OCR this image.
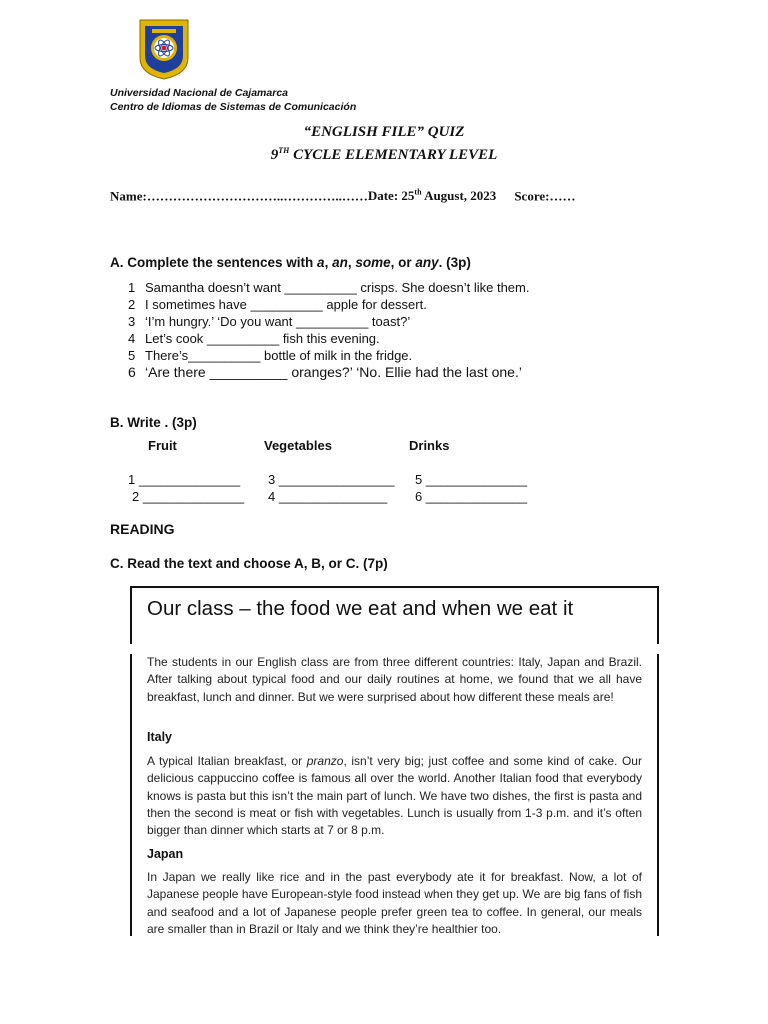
Universidad Nacional de Cajamarca
Centro de Idiomas de Sistemas de Comunicación
“ENGLISH FILE” QUIZ
9TH CYCLE ELEMENTARY LEVEL
Name:…………………………..…………..……Date: 25th August, 2023 Score:……
A. Complete the sentences with a, an, some, or any. (3p)
1 Samantha doesn’t want __________ crisps. She doesn’t like them.
2 I sometimes have __________ apple for dessert.
3 ‘I’m hungry.’ ‘Do you want __________ toast?’
4 Let’s cook __________ fish this evening.
5 There’s__________ bottle of milk in the fridge.
6 ‘Are there __________ oranges?’ ‘No. Ellie had the last one.’
B. Write . (3p)
Fruit	Vegetables	Drinks
1 ______________ 3 ________________ 5 ______________
2 ______________ 4 _______________ 6 ______________
READING
C. Read the text and choose A, B, or C. (7p)
Our class – the food we eat and when we eat it
The students in our English class are from three different countries: Italy, Japan and Brazil. After talking about typical food and our daily routines at home, we found that we all have breakfast, lunch and dinner. But we were surprised about how different these meals are!
Italy
A typical Italian breakfast, or pranzo, isn’t very big; just coffee and some kind of cake. Our delicious cappuccino coffee is famous all over the world. Another Italian food that everybody knows is pasta but this isn’t the main part of lunch. We have two dishes, the first is pasta and then the second is meat or fish with vegetables. Lunch is usually from 1-3 p.m. and it’s often bigger than dinner which starts at 7 or 8 p.m.
Japan
In Japan we really like rice and in the past everybody ate it for breakfast. Now, a lot of Japanese people have European-style food instead when they get up. We are big fans of fish and seafood and a lot of Japanese people prefer green tea to coffee. In general, our meals are smaller than in Brazil or Italy and we think they’re healthier too.
